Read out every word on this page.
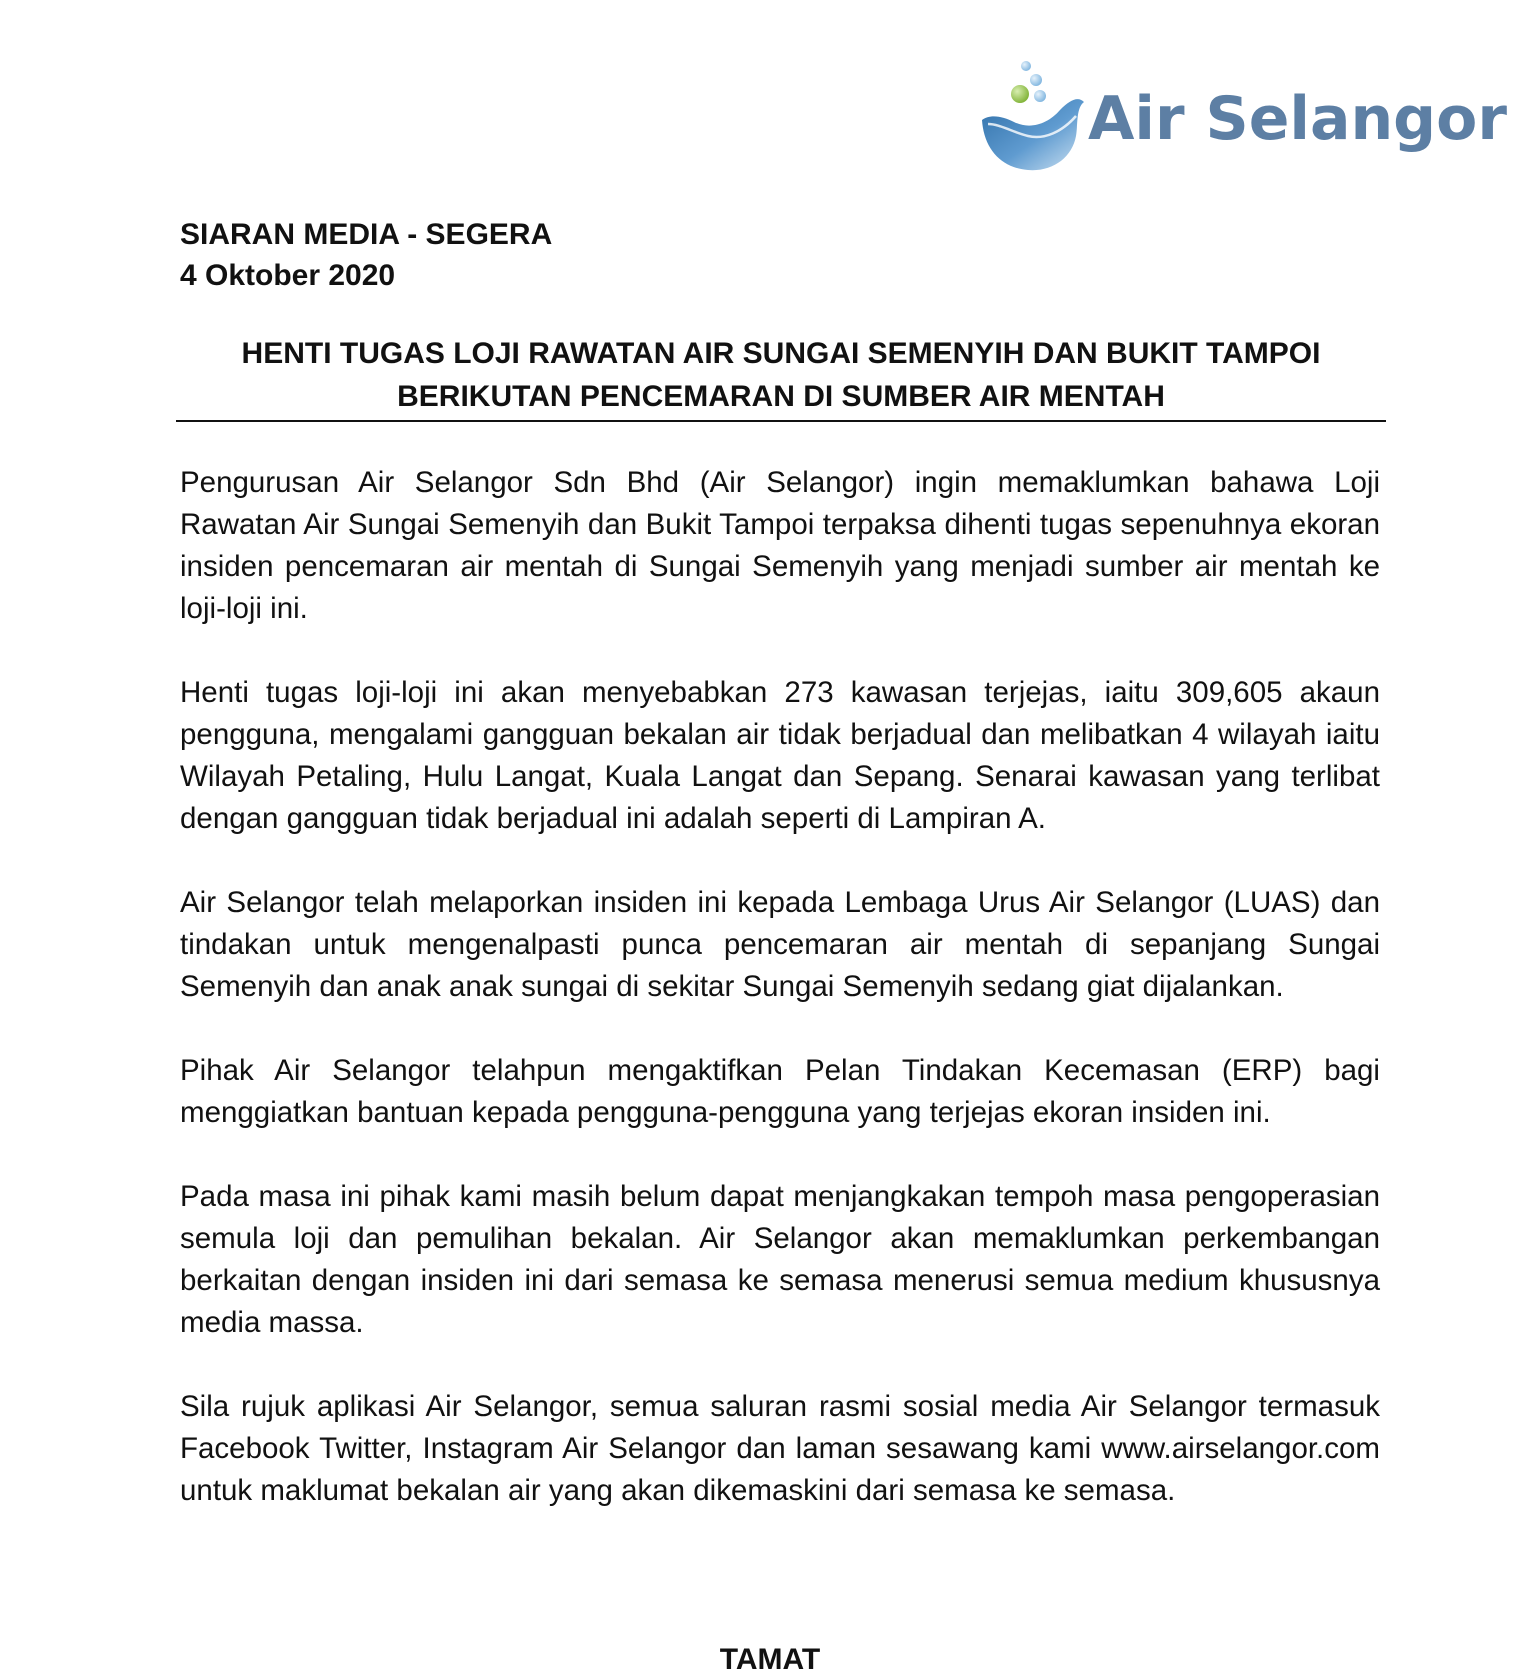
Air Selangor
SIARAN MEDIA - SEGERA
4 Oktober 2020
HENTI TUGAS LOJI RAWATAN AIR SUNGAI SEMENYIH DAN BUKIT TAMPOI
BERIKUTAN PENCEMARAN DI SUMBER AIR MENTAH

Pengurusan Air Selangor Sdn Bhd (Air Selangor) ingin memaklumkan bahawa Loji Rawatan Air Sungai Semenyih dan Bukit Tampoi terpaksa dihenti tugas sepenuhnya ekoran insiden pencemaran air mentah di Sungai Semenyih yang menjadi sumber air mentah ke loji-loji ini.

Henti tugas loji-loji ini akan menyebabkan 273 kawasan terjejas, iaitu 309,605 akaun pengguna, mengalami gangguan bekalan air tidak berjadual dan melibatkan 4 wilayah iaitu Wilayah Petaling, Hulu Langat, Kuala Langat dan Sepang. Senarai kawasan yang terlibat dengan gangguan tidak berjadual ini adalah seperti di Lampiran A.

Air Selangor telah melaporkan insiden ini kepada Lembaga Urus Air Selangor (LUAS) dan tindakan untuk mengenalpasti punca pencemaran air mentah di sepanjang Sungai Semenyih dan anak anak sungai di sekitar Sungai Semenyih sedang giat dijalankan.

Pihak Air Selangor telahpun mengaktifkan Pelan Tindakan Kecemasan (ERP) bagi menggiatkan bantuan kepada pengguna-pengguna yang terjejas ekoran insiden ini.

Pada masa ini pihak kami masih belum dapat menjangkakan tempoh masa pengoperasian semula loji dan pemulihan bekalan. Air Selangor akan memaklumkan perkembangan berkaitan dengan insiden ini dari semasa ke semasa menerusi semua medium khususnya media massa.

Sila rujuk aplikasi Air Selangor, semua saluran rasmi sosial media Air Selangor termasuk Facebook Twitter, Instagram Air Selangor dan laman sesawang kami www.airselangor.com untuk maklumat bekalan air yang akan dikemaskini dari semasa ke semasa.

TAMAT
